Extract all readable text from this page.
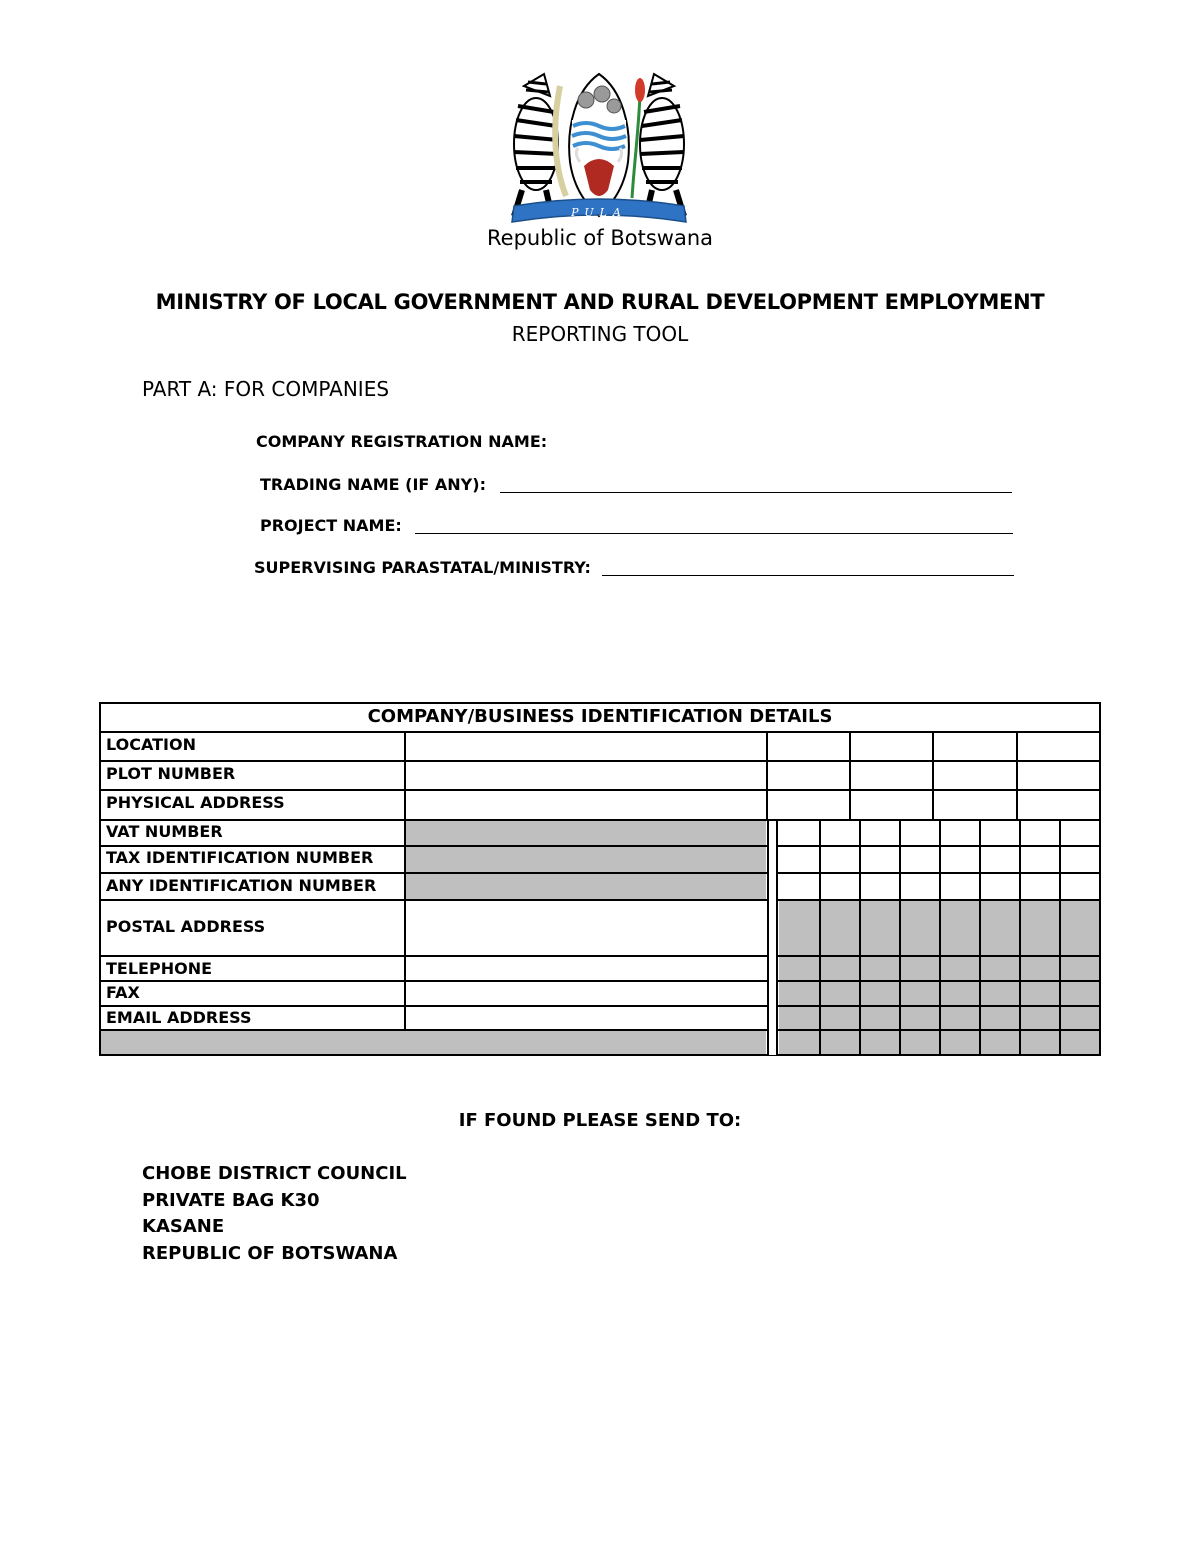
PULA
Republic of Botswana
MINISTRY OF LOCAL GOVERNMENT AND RURAL DEVELOPMENT EMPLOYMENT
REPORTING TOOL
PART A: FOR COMPANIES
COMPANY REGISTRATION NAME:
TRADING NAME (IF ANY):
PROJECT NAME:
SUPERVISING PARASTATAL/MINISTRY:
COMPANY/BUSINESS IDENTIFICATION DETAILS
LOCATION
PLOT NUMBER
PHYSICAL ADDRESS
VAT NUMBER
TAX IDENTIFICATION NUMBER
ANY IDENTIFICATION NUMBER
POSTAL ADDRESS
TELEPHONE
FAX
EMAIL ADDRESS
IF FOUND PLEASE SEND TO:
CHOBE DISTRICT COUNCIL
PRIVATE BAG K30
KASANE
REPUBLIC OF BOTSWANA
